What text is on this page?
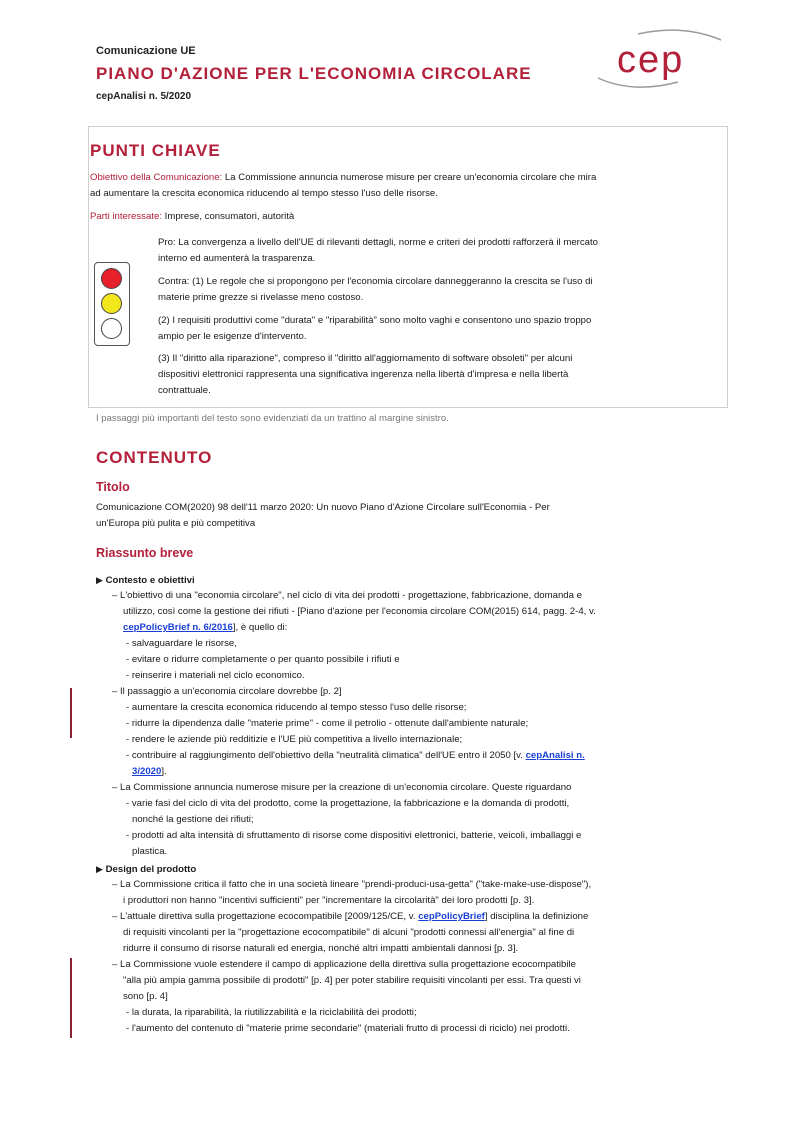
Comunicazione UE
PIANO D'AZIONE PER L'ECONOMIA CIRCOLARE
cepAnalisi n. 5/2020
cep
PUNTI CHIAVE
Obiettivo della Comunicazione: La Commissione annuncia numerose misure per creare un'economia circolare che mira
ad aumentare la crescita economica riducendo al tempo stesso l'uso delle risorse.
Parti interessate: Imprese, consumatori, autorità
Pro: La convergenza a livello dell'UE di rilevanti dettagli, norme e criteri dei prodotti rafforzerà il mercato
interno ed aumenterà la trasparenza.
Contra: (1) Le regole che si propongono per l'economia circolare danneggeranno la crescita se l'uso di
materie prime grezze si rivelasse meno costoso.
(2) I requisiti produttivi come "durata" e "riparabilità" sono molto vaghi e consentono uno spazio troppo
ampio per le esigenze d'intervento.
(3) Il "diritto alla riparazione", compreso il "diritto all'aggiornamento di software obsoleti" per alcuni
dispositivi elettronici rappresenta una significativa ingerenza nella libertà d'impresa e nella libertà
contrattuale.
I passaggi più importanti del testo sono evidenziati da un trattino al margine sinistro.
CONTENUTO
Titolo
Comunicazione COM(2020) 98 dell'11 marzo 2020: Un nuovo Piano d'Azione Circolare sull'Economia - Per
un'Europa più pulita e più competitiva
Riassunto breve
▶ Contesto e obiettivi
– L'obiettivo di una "economia circolare", nel ciclo di vita dei prodotti - progettazione, fabbricazione, domanda e
utilizzo, così come la gestione dei rifiuti - [Piano d'azione per l'economia circolare COM(2015) 614, pagg. 2-4, v.
cepPolicyBrief n. 6/2016], è quello di:
- salvaguardare le risorse,
- evitare o ridurre completamente o per quanto possibile i rifiuti e
- reinserire i materiali nel ciclo economico.
– Il passaggio a un'economia circolare dovrebbe [p. 2]
- aumentare la crescita economica riducendo al tempo stesso l'uso delle risorse;
- ridurre la dipendenza dalle "materie prime" - come il petrolio - ottenute dall'ambiente naturale;
- rendere le aziende più redditizie e l'UE più competitiva a livello internazionale;
- contribuire al raggiungimento dell'obiettivo della "neutralità climatica" dell'UE entro il 2050 [v. cepAnalisi n.
3/2020].
– La Commissione annuncia numerose misure per la creazione di un'economia circolare. Queste riguardano
- varie fasi del ciclo di vita del prodotto, come la progettazione, la fabbricazione e la domanda di prodotti,
nonché la gestione dei rifiuti;
- prodotti ad alta intensità di sfruttamento di risorse come dispositivi elettronici, batterie, veicoli, imballaggi e
plastica.
▶ Design del prodotto
– La Commissione critica il fatto che in una società lineare "prendi-produci-usa-getta" ("take-make-use-dispose"),
i produttori non hanno "incentivi sufficienti" per "incrementare la circolarità" dei loro prodotti [p. 3].
– L'attuale direttiva sulla progettazione ecocompatibile [2009/125/CE, v. cepPolicyBrief] disciplina la definizione
di requisiti vincolanti per la "progettazione ecocompatibile" di alcuni "prodotti connessi all'energia" al fine di
ridurre il consumo di risorse naturali ed energia, nonché altri impatti ambientali dannosi [p. 3].
– La Commissione vuole estendere il campo di applicazione della direttiva sulla progettazione ecocompatibile
"alla più ampia gamma possibile di prodotti" [p. 4] per poter stabilire requisiti vincolanti per essi. Tra questi vi
sono [p. 4]
- la durata, la riparabilità, la riutilizzabilità e la riciclabilità dei prodotti;
- l'aumento del contenuto di "materie prime secondarie" (materiali frutto di processi di riciclo) nei prodotti.
